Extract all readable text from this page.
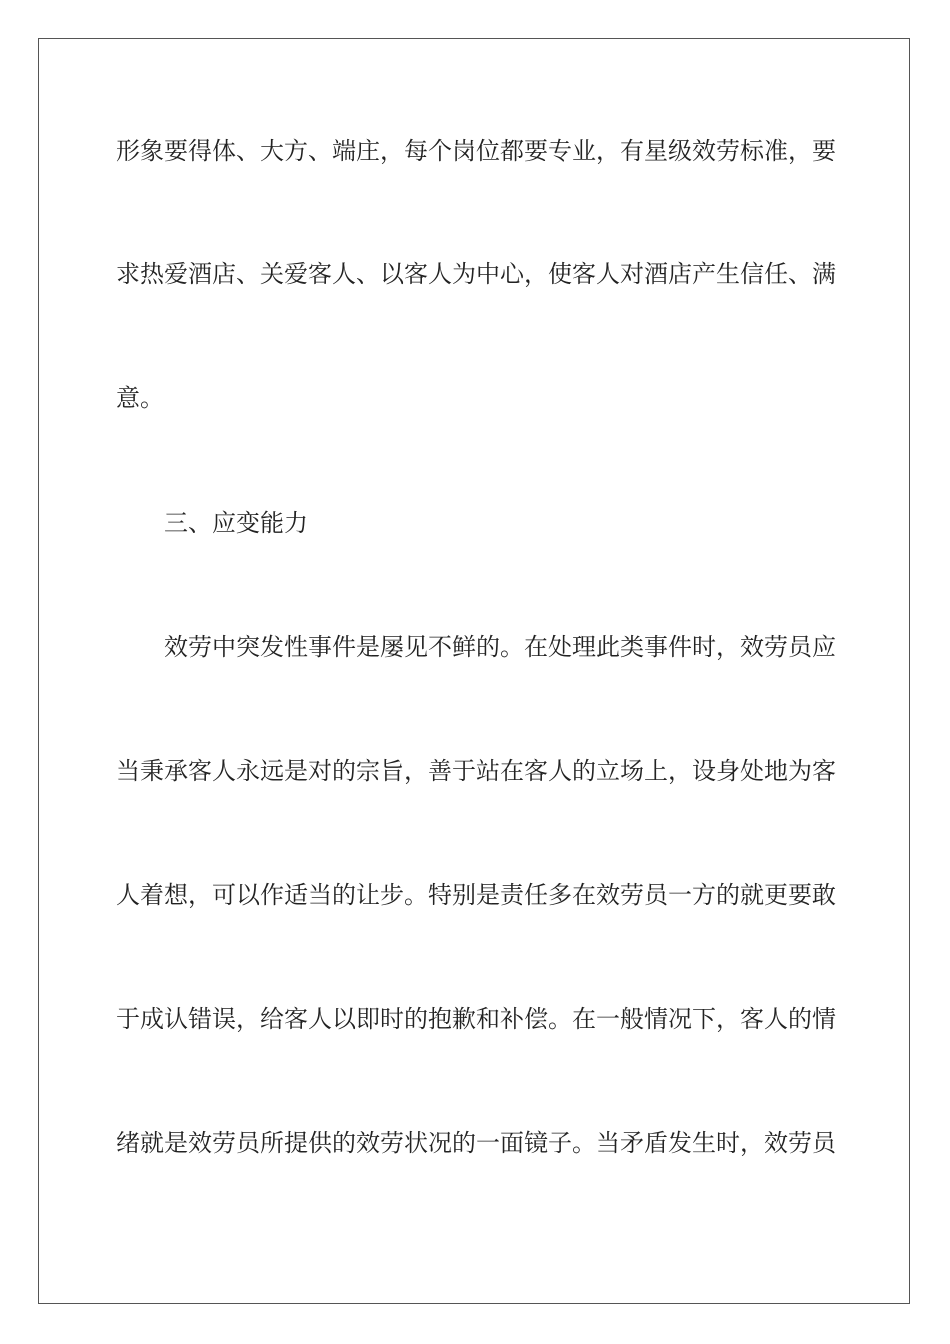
形象要得体、大方、端庄，每个岗位都要专业，有星级效劳标准，要
求热爱酒店、关爱客人、以客人为中心，使客人对酒店产生信任、满
意。
三、应变能力
效劳中突发性事件是屡见不鲜的。在处理此类事件时，效劳员应
当秉承客人永远是对的宗旨，善于站在客人的立场上，设身处地为客
人着想，可以作适当的让步。特别是责任多在效劳员一方的就更要敢
于成认错误，给客人以即时的抱歉和补偿。在一般情况下，客人的情
绪就是效劳员所提供的效劳状况的一面镜子。当矛盾发生时，效劳员
